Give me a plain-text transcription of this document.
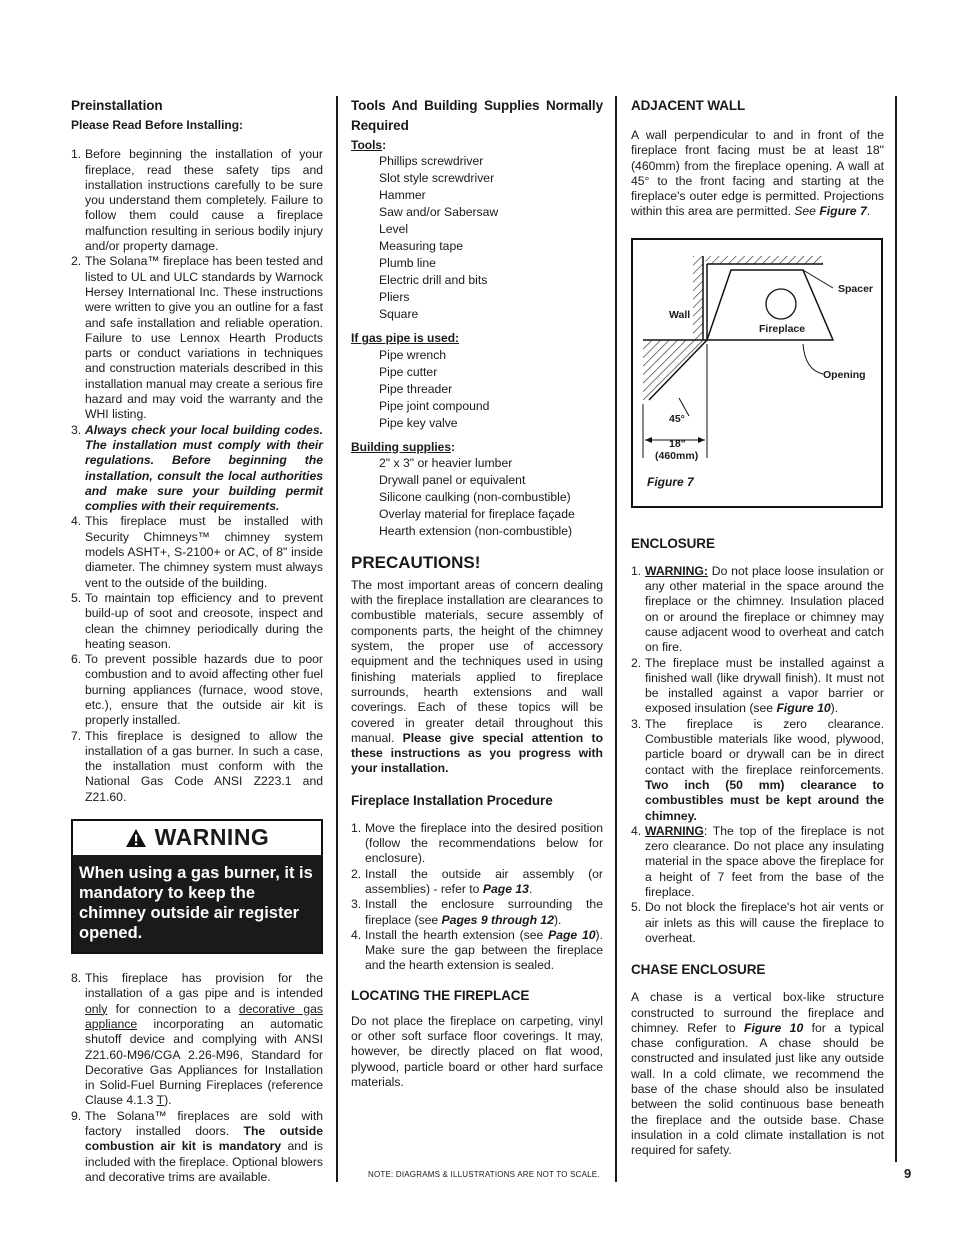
Preinstallation
Please Read Before Installing:
1. Before beginning the installation of your fireplace, read these safety tips and installation instructions carefully to be sure you understand them completely. Failure to follow them could cause a fireplace malfunction resulting in serious bodily injury and/or property damage.
2. The Solana™ fireplace has been tested and listed to UL and ULC standards by Warnock Hersey International Inc. These instructions were written to give you an outline for a fast and safe installation and reliable operation. Failure to use Lennox Hearth Products parts or conduct variations in techniques and construction materials described in this installation manual may create a serious fire hazard and may void the warranty and the WHI listing.
3. Always check your local building codes. The installation must comply with their regulations. Before beginning the installation, consult the local authorities and make sure your building permit complies with their requirements.
4. This fireplace must be installed with Security Chimneys™ chimney system models ASHT+, S-2100+ or AC, of 8" inside diameter. The chimney system must always vent to the outside of the building.
5. To maintain top efficiency and to prevent build-up of soot and creosote, inspect and clean the chimney periodically during the heating season.
6. To prevent possible hazards due to poor combustion and to avoid affecting other fuel burning appliances (furnace, wood stove, etc.), ensure that the outside air kit is properly installed.
7. This fireplace is designed to allow the installation of a gas burner. In such a case, the installation must conform with the National Gas Code ANSI Z223.1 and Z21.60.
WARNING
When using a gas burner, it is mandatory to keep the chimney outside air register opened.
8. This fireplace has provision for the installation of a gas pipe and is intended only for connection to a decorative gas appliance incorporating an automatic shutoff device and complying with ANSI Z21.60-M96/CGA 2.26-M96, Standard for Decorative Gas Appliances for Installation in Solid-Fuel Burning Fireplaces (reference Clause 4.1.3 T).
9. The Solana™ fireplaces are sold with factory installed doors. The outside combustion air kit is mandatory and is included with the fireplace. Optional blowers and decorative trims are available.
Tools And Building Supplies Normally Required
Tools:
Phillips screwdriver
Slot style screwdriver
Hammer
Saw and/or Sabersaw
Level
Measuring tape
Plumb line
Electric drill and bits
Pliers
Square
If gas pipe is used:
Pipe wrench
Pipe cutter
Pipe threader
Pipe joint compound
Pipe key valve
Building supplies:
2" x 3" or heavier lumber
Drywall panel or equivalent
Silicone caulking (non-combustible)
Overlay material for fireplace façade
Hearth extension (non-combustible)
PRECAUTIONS!

The most important areas of concern dealing with the fireplace installation are clearances to combustible materials, secure assembly of components parts, the height of the chimney system, the proper use of accessory equipment and the techniques used in using finishing materials applied to fireplace surrounds, hearth extensions and wall coverings. Each of these topics will be covered in greater detail throughout this manual. Please give special attention to these instructions as you progress with your installation.

Fireplace Installation Procedure
1. Move the fireplace into the desired position (follow the recommendations below for enclosure).
2. Install the outside air assembly (or assemblies) - refer to Page 13.
3. Install the enclosure surrounding the fireplace (see Pages 9 through 12).
4. Install the hearth extension (see Page 10). Make sure the gap between the fireplace and the hearth extension is sealed.
LOCATING THE FIREPLACE

Do not place the fireplace on carpeting, vinyl or other soft surface floor coverings. It may, however, be directly placed on flat wood, plywood, particle board or other hard surface materials.

ADJACENT WALL

A wall perpendicular to and in front of the fireplace front facing must be at least 18" (460mm) from the fireplace opening. A wall at 45° to the front facing and starting at the fireplace's outer edge is permitted. Projections within this area are permitted. See Figure 7.

Spacer
Wall
Fireplace
Opening
45°
18"
(460mm)
Figure 7
ENCLOSURE
1. WARNING: Do not place loose insulation or any other material in the space around the fireplace or the chimney. Insulation placed on or around the fireplace or chimney may cause adjacent wood to overheat and catch on fire.
2. The fireplace must be installed against a finished wall (like drywall finish). It must not be installed against a vapor barrier or exposed insulation (see Figure 10).
3. The fireplace is zero clearance. Combustible materials like wood, plywood, particle board or drywall can be in direct contact with the fireplace reinforcements. Two inch (50 mm) clearance to combustibles must be kept around the chimney.
4. WARNING: The top of the fireplace is not zero clearance. Do not place any insulating material in the space above the fireplace for a height of 7 feet from the base of the fireplace.
5. Do not block the fireplace's hot air vents or air inlets as this will cause the fireplace to overheat.
CHASE ENCLOSURE

A chase is a vertical box-like structure constructed to surround the fireplace and chimney. Refer to Figure 10 for a typical chase configuration. A chase should be constructed and insulated just like any outside wall. In a cold climate, we recommend the base of the chase should also be insulated between the solid continuous base beneath the fireplace and the outside base. Chase insulation in a cold climate installation is not required for safety.

NOTE: DIAGRAMS & ILLUSTRATIONS ARE NOT TO SCALE.	9
